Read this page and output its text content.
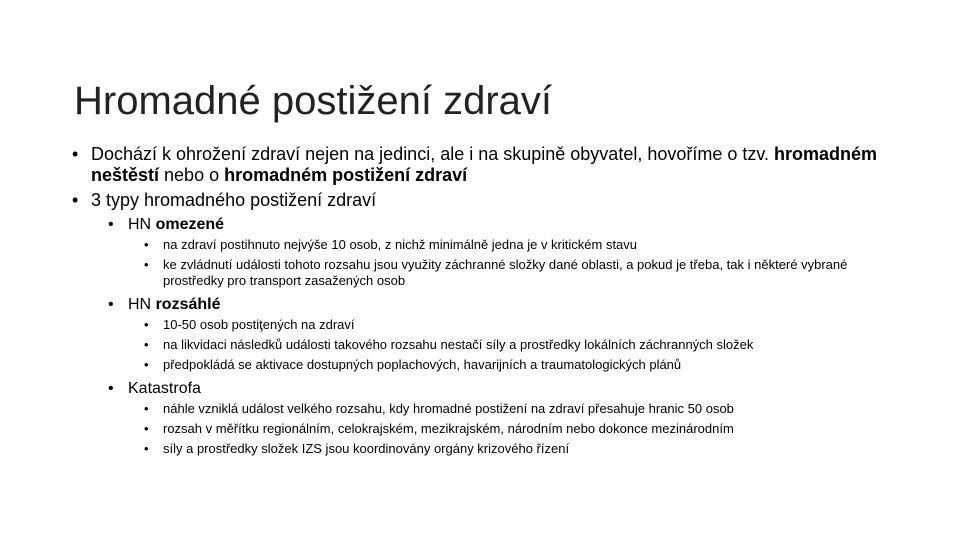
Hromadné postižení zdraví
• Dochází k ohrožení zdraví nejen na jedinci, ale i na skupině obyvatel, hovoříme o tzv. hromadném neštěstí nebo o hromadném postižení zdraví
• 3 typy hromadného postižení zdraví
• HN omezené
• na zdraví postihnuto nejvýše 10 osob, z nichž minimálně jedna je v kritickém stavu
• ke zvládnutí události tohoto rozsahu jsou využity záchranné složky dané oblasti, a pokud je třeba, tak i některé vybrané prostředky pro transport zasažených osob
• HN rozsáhlé
• 10-50 osob postiţených na zdraví
• na likvidaci následků události takového rozsahu nestačí síly a prostředky lokálních záchranných složek
• předpokládá se aktivace dostupných poplachových, havarijních a traumatologických plánů
• Katastrofa
• náhle vzniklá událost velkého rozsahu, kdy hromadné postižení na zdraví přesahuje hranic 50 osob
• rozsah v měřítku regionálním, celokrajském, mezikrajském, národním nebo dokonce mezinárodním
• síly a prostředky složek IZS jsou koordinovány orgány krizového řízení
